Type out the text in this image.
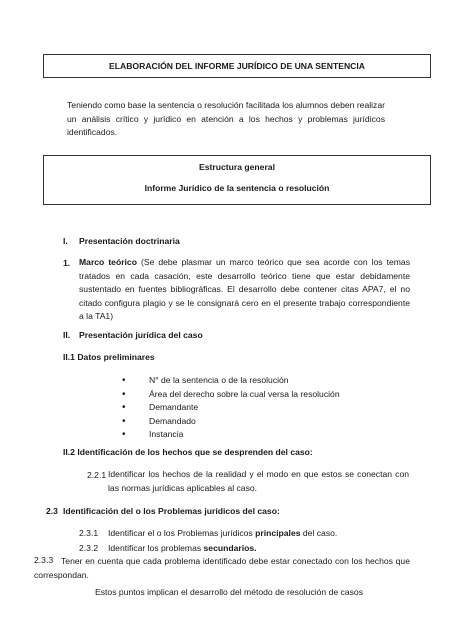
ELABORACIÓN DEL INFORME JURÍDICO DE UNA SENTENCIA
Teniendo como base la sentencia o resolución facilitada los alumnos deben realizar un análisis crítico y jurídico en atención a los hechos y problemas jurídicos identificados.
Estructura general
Informe Jurídico de la sentencia o resolución
I. Presentación doctrinaria
1. Marco teórico (Se debe plasmar un marco teórico que sea acorde con los temas tratados en cada casación, este desarrollo teórico tiene que estar debidamente sustentado en fuentes bibliográficas. El desarrollo debe contener citas APA7, el no citado configura plagio y se le consignará cero en el presente trabajo correspondiente a la TA1)
II. Presentación jurídica del caso
II.1 Datos preliminares
• N° de la sentencia o de la resolución
• Área del derecho sobre la cual versa la resolución
• Demandante
• Demandado
• Instancia
II.2 Identificación de los hechos que se desprenden del caso:
2.2.1 Identificar los hechos de la realidad y el modo en que estos se conectan con las normas jurídicas aplicables al caso.
2.3 Identificación del o los Problemas jurídicos del caso:
2.3.1 Identificar el o los Problemas jurídicos principales del caso.
2.3.2 Identificar los problemas secundarios.
2.3.3 Tener en cuenta que cada problema identificado debe estar conectado con los hechos que correspondan.
Estos puntos implican el desarrollo del método de resolución de casos
